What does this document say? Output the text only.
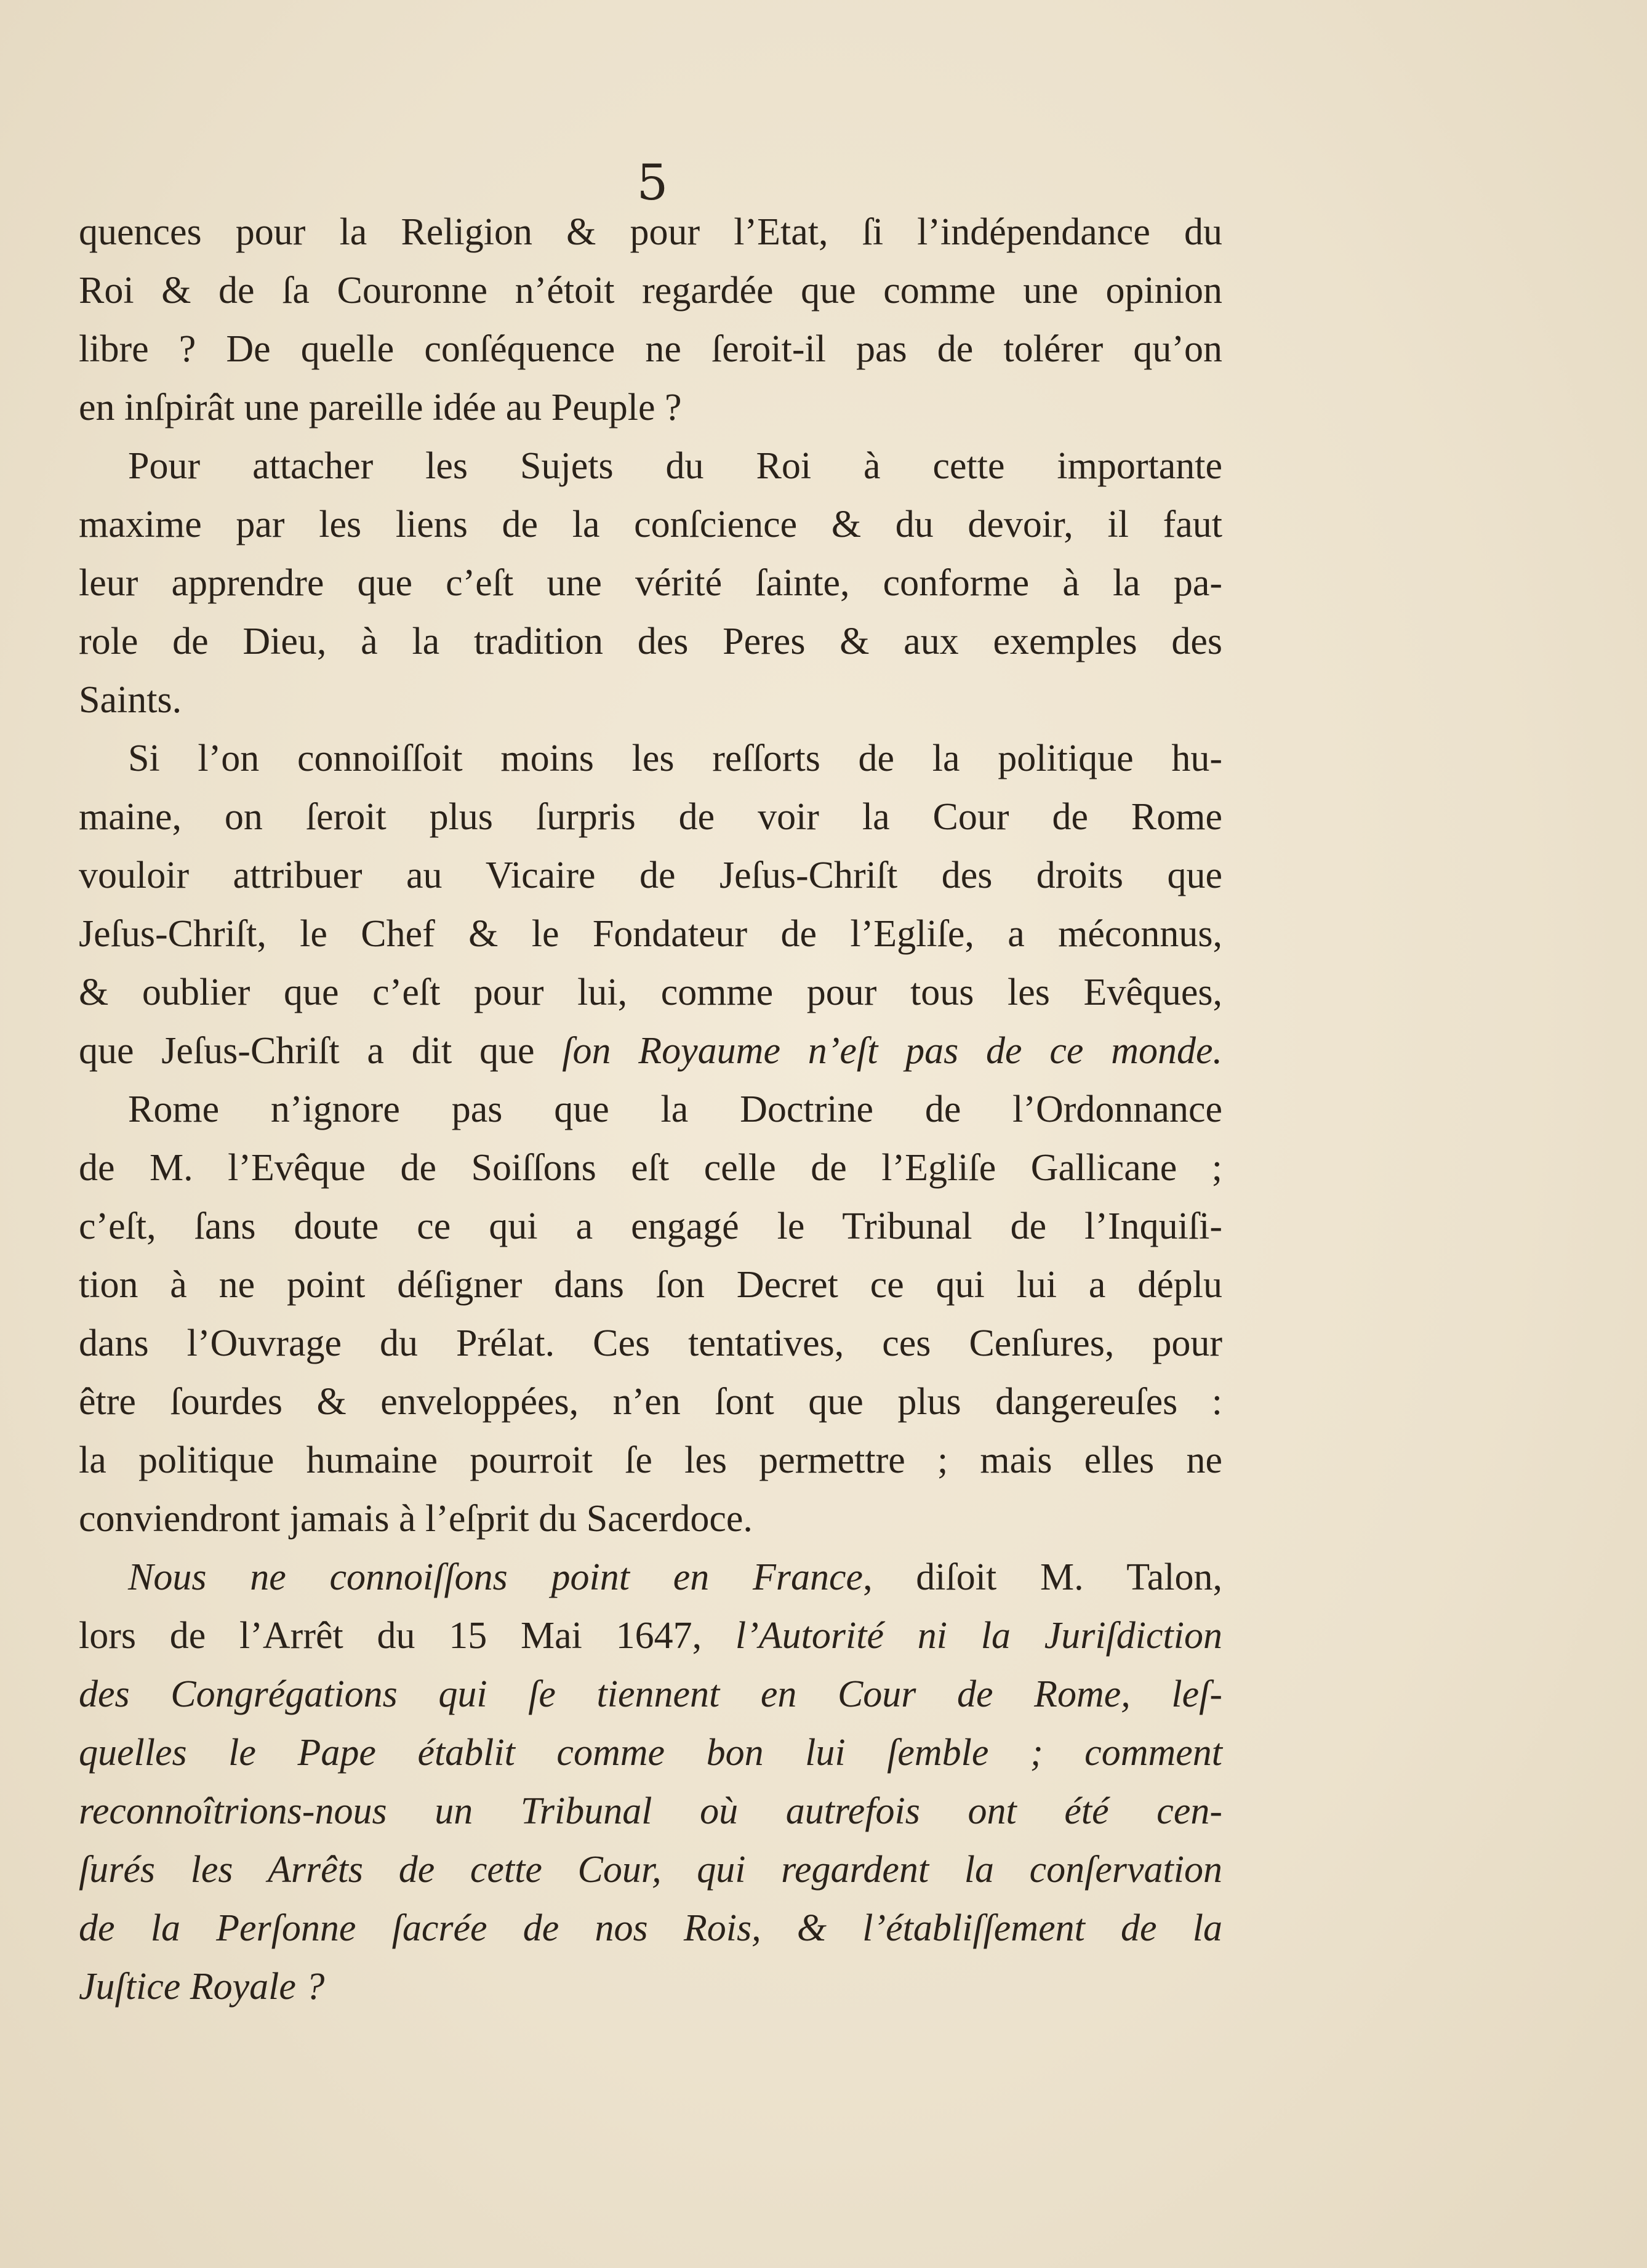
5
quences pour la Religion & pour l’Etat, ſi l’indépendance du
Roi & de ſa Couronne n’étoit regardée que comme une opinion
libre ? De quelle conſéquence ne ſeroit-il pas de tolérer qu’on
en inſpirât une pareille idée au Peuple ?
Pour attacher les Sujets du Roi à cette importante
maxime par les liens de la conſcience & du devoir, il faut
leur apprendre que c’eſt une vérité ſainte, conforme à la pa-
role de Dieu, à la tradition des Peres & aux exemples des
Saints.
Si l’on connoiſſoit moins les reſſorts de la politique hu-
maine, on ſeroit plus ſurpris de voir la Cour de Rome
vouloir attribuer au Vicaire de Jeſus-Chriſt des droits que
Jeſus-Chriſt, le Chef & le Fondateur de l’Egliſe, a méconnus,
& oublier que c’eſt pour lui, comme pour tous les Evêques,
que Jeſus-Chriſt a dit que ſon Royaume n’eſt pas de ce monde.
Rome n’ignore pas que la Doctrine de l’Ordonnance
de M. l’Evêque de Soiſſons eſt celle de l’Egliſe Gallicane ;
c’eſt, ſans doute ce qui a engagé le Tribunal de l’Inquiſi-
tion à ne point déſigner dans ſon Decret ce qui lui a déplu
dans l’Ouvrage du Prélat. Ces tentatives, ces Cenſures, pour
être ſourdes & enveloppées, n’en ſont que plus dangereuſes :
la politique humaine pourroit ſe les permettre ; mais elles ne
conviendront jamais à l’eſprit du Sacerdoce.
Nous ne connoiſſons point en France, diſoit M. Talon,
lors de l’Arrêt du 15 Mai 1647, l’Autorité ni la Juriſdiction
des Congrégations qui ſe tiennent en Cour de Rome, leſ-
quelles le Pape établit comme bon lui ſemble ; comment
reconnoîtrions-nous un Tribunal où autrefois ont été cen-
ſurés les Arrêts de cette Cour, qui regardent la conſervation
de la Perſonne ſacrée de nos Rois, & l’établiſſement de la
Juſtice Royale ?
